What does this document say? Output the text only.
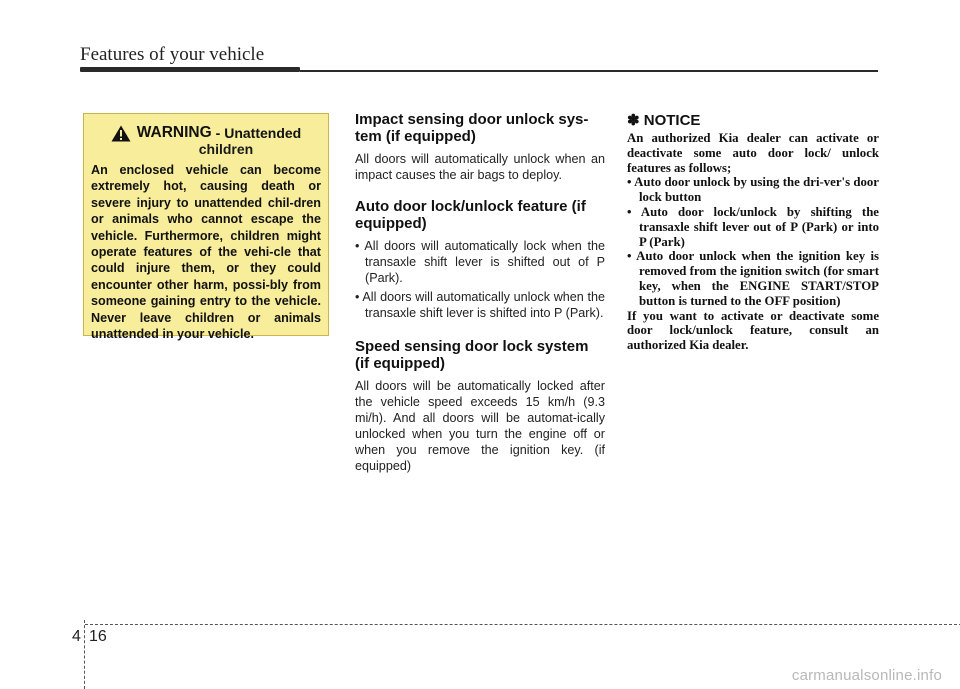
Features of your vehicle
WARNING - Unattended
children
An enclosed vehicle can become extremely hot, causing death or severe injury to unattended chil-dren or animals who cannot escape the vehicle. Furthermore, children might operate features of the vehi-cle that could injure them, or they could encounter other harm, possi-bly from someone gaining entry to the vehicle. Never leave children or animals unattended in your vehicle.
Impact sensing door unlock sys-tem (if equipped)

All doors will automatically unlock when an impact causes the air bags to deploy.

Auto door lock/unlock feature (if equipped)
• All doors will automatically lock when the transaxle shift lever is shifted out of P (Park).
• All doors will automatically unlock when the transaxle shift lever is shifted into P (Park).
Speed sensing door lock system (if equipped)

All doors will be automatically locked after the vehicle speed exceeds 15 km/h (9.3 mi/h). And all doors will be automat-ically unlocked when you turn the engine off or when you remove the ignition key. (if equipped)

✽ NOTICE
An authorized Kia dealer can activate or deactivate some auto door lock/ unlock features as follows;
• Auto door unlock by using the dri-ver's door lock button
• Auto door lock/unlock by shifting the transaxle shift lever out of P (Park) or into P (Park)
• Auto door unlock when the ignition key is removed from the ignition switch (for smart key, when the ENGINE START/STOP button is turned to the OFF position)
If you want to activate or deactivate some door lock/unlock feature, consult an authorized Kia dealer.
4 16
carmanualsonline.info
